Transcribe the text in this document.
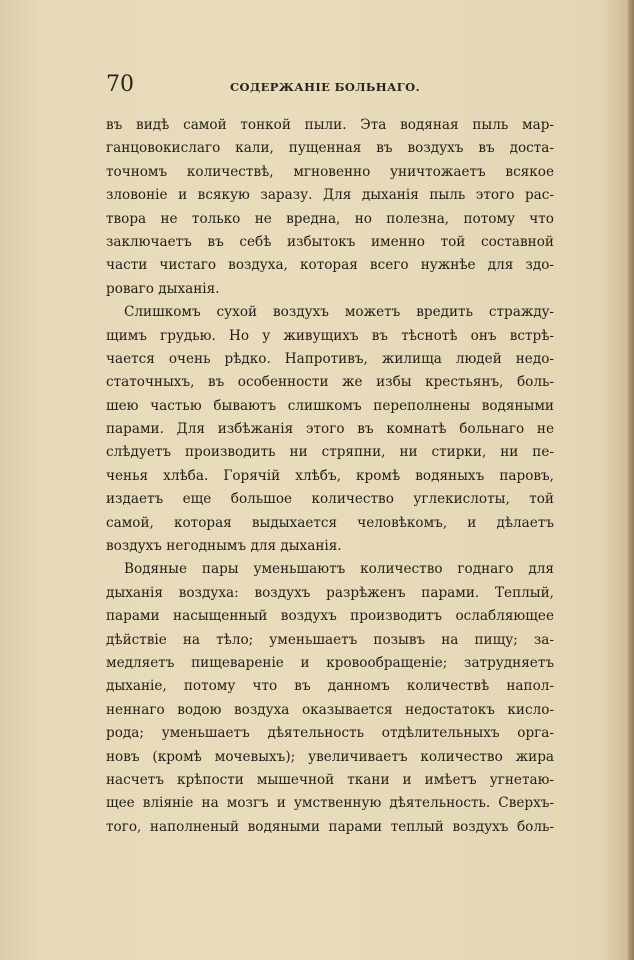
70	СОДЕРЖАНІЕ БОЛЬНАГО.
въ видѣ самой тонкой пыли. Эта водяная пыль мар-
ганцовокислаго кали, пущенная въ воздухъ въ доста-
точномъ количествѣ, мгновенно уничтожаетъ всякое
зловоніе и всякую заразу. Для дыханія пыль этого рас-
твора не только не вредна, но полезна, потому что
заключаетъ въ себѣ избытокъ именно той составной
части чистаго воздуха, которая всего нужнѣе для здо-
роваго дыханія.
Слишкомъ сухой воздухъ можетъ вредить страждy-
щимъ грудью. Но у живущихъ въ тѣснотѣ онъ встрѣ-
чается очень рѣдко. Напротивъ, жилища людей недо-
статочныхъ, въ особенности же избы крестьянъ, боль-
шею частью бываютъ слишкомъ переполнены водяными
парами. Для избѣжанія этого въ комнатѣ больнаго не
слѣдуетъ производить ни стряпни, ни стирки, ни пе-
ченья хлѣба. Горячій хлѣбъ, кромѣ водяныхъ паровъ,
издаетъ еще большое количество углекислоты, той
самой, которая выдыхается человѣкомъ, и дѣлаетъ
воздухъ негоднымъ для дыханія.
Водяные пары уменьшаютъ количество годнаго для
дыханія воздуха: воздухъ разрѣженъ парами. Теплый,
парами насыщенный воздухъ производитъ ослабляющее
дѣйствіе на тѣло; уменьшаетъ позывъ на пищу; за-
медляетъ пищевареніе и кровообращеніе; затрудняетъ
дыханіе, потому что въ данномъ количествѣ напол-
неннаго водою воздуха оказывается недостатокъ кисло-
рода; уменьшаетъ дѣятельность отдѣлительныхъ орга-
новъ (кромѣ мочевыхъ); увеличиваетъ количество жира
насчетъ крѣпости мышечной ткани и имѣетъ угнетаю-
щее вліяніе на мозгъ и умственную дѣятельность. Сверхъ-
того, наполненый водяными парами теплый воздухъ боль-
